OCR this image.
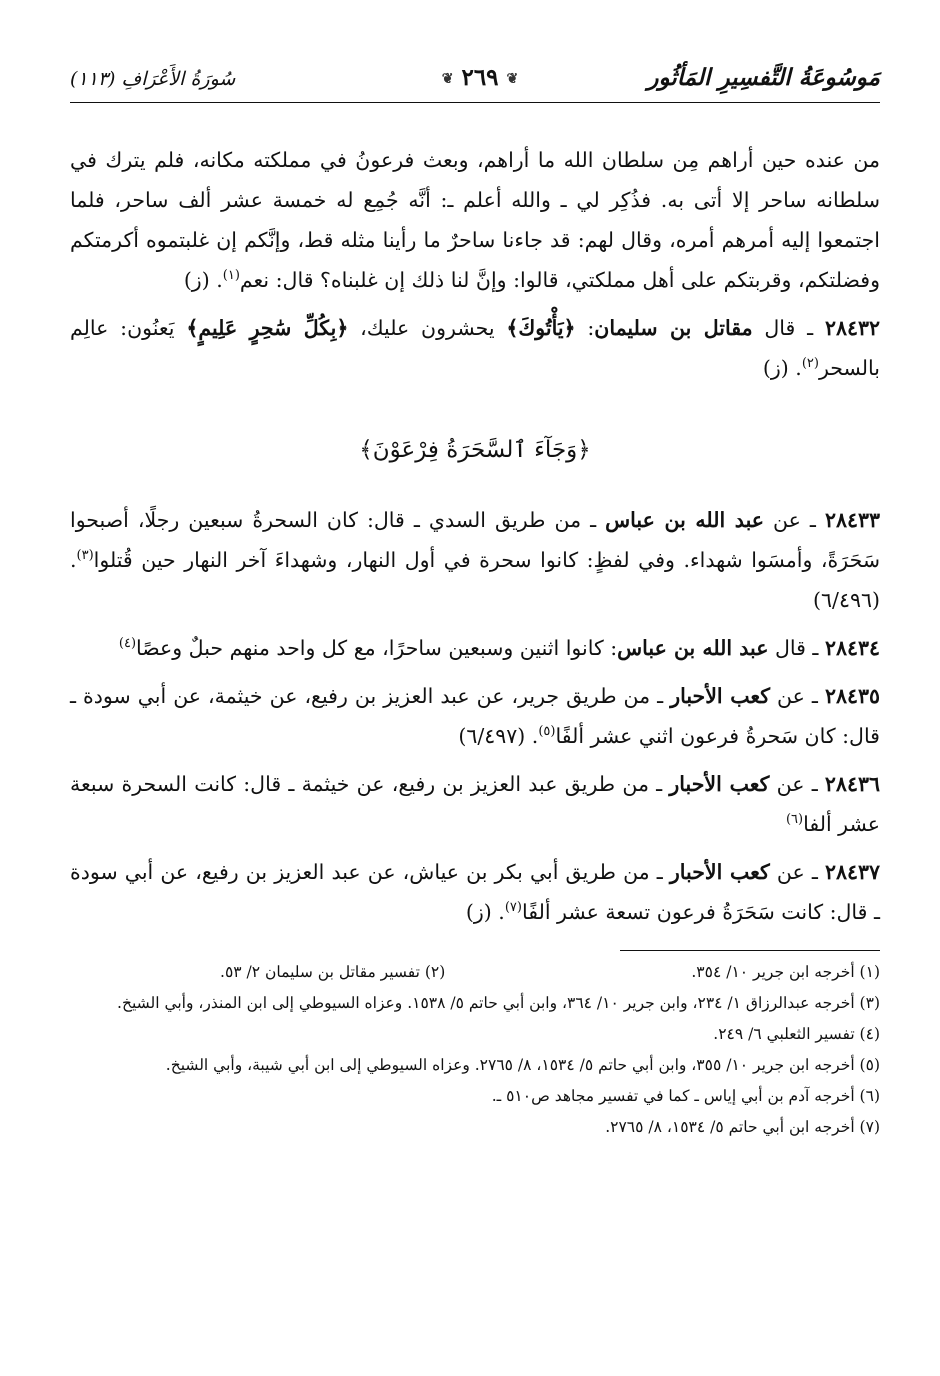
مَوسُوعَةُ التَّفسِيرِ المَأثُور
❦ ٢٦٩ ❦
سُورَةُ الأَعْرَافِ (١١٣)

من عنده حين أراهم مِن سلطان الله ما أراهم، وبعث فرعونُ في مملكته مكانه، فلم يترك في سلطانه ساحر إلا أتى به. فذُكِر لي ـ والله أعلم ـ: أنَّه جُمِع له خمسة عشر ألف ساحر، فلما اجتمعوا إليه أمرهم أمره، وقال لهم: قد جاءنا ساحرٌ ما رأينا مثله قط، وإنَّكم إن غلبتموه أكرمتكم وفضلتكم، وقربتكم على أهل مملكتي، قالوا: وإنَّ لنا ذلك إن غلبناه؟ قال: نعم$^{(١)}$. (ز)

٢٨٤٣٢ ـ قال مقاتل بن سليمان: ﴿يَأْتُوكَ﴾ يحشرون عليك، ﴿بِكُلِّ سَٰحِرٍ عَلِيمٍ﴾ يَعنُون: عالِم بالسحر$^{(٢)}$. (ز)

﴿وَجَآءَ ٱلسَّحَرَةُ فِرْعَوْنَ﴾

٢٨٤٣٣ ـ عن عبد الله بن عباس ـ من طريق السدي ـ قال: كان السحرةُ سبعين رجلًا، أصبحوا سَحَرَةً، وأمسَوا شهداء. وفي لفظٍ: كانوا سحرة في أول النهار، وشهداءَ آخر النهار حين قُتلوا$^{(٣)}$. (٦/٤٩٦)

٢٨٤٣٤ ـ قال عبد الله بن عباس: كانوا اثنين وسبعين ساحرًا، مع كل واحد منهم حبلٌ وعصًا$^{(٤)}$

٢٨٤٣٥ ـ عن كعب الأحبار ـ من طريق جرير، عن عبد العزيز بن رفيع، عن خيثمة، عن أبي سودة ـ قال: كان سَحرةُ فرعون اثني عشر ألفًا$^{(٥)}$. (٦/٤٩٧)

٢٨٤٣٦ ـ عن كعب الأحبار ـ من طريق عبد العزيز بن رفيع، عن خيثمة ـ قال: كانت السحرة سبعة عشر ألفا$^{(٦)}$

٢٨٤٣٧ ـ عن كعب الأحبار ـ من طريق أبي بكر بن عياش، عن عبد العزيز بن رفيع، عن أبي سودة ـ قال: كانت سَحَرَةُ فرعون تسعة عشر ألفًا$^{(٧)}$. (ز)

(١) أخرجه ابن جرير ١٠/ ٣٥٤.

(٢) تفسير مقاتل بن سليمان ٢/ ٥٣.

(٣) أخرجه عبدالرزاق ١/ ٢٣٤، وابن جرير ١٠/ ٣٦٤، وابن أبي حاتم ٥/ ١٥٣٨. وعزاه السيوطي إلى ابن المنذر، وأبي الشيخ.

(٤) تفسير الثعلبي ٦/ ٢٤٩.

(٥) أخرجه ابن جرير ١٠/ ٣٥٥، وابن أبي حاتم ٥/ ١٥٣٤، ٨/ ٢٧٦٥. وعزاه السيوطي إلى ابن أبي شيبة، وأبي الشيخ.

(٦) أخرجه آدم بن أبي إياس ـ كما في تفسير مجاهد ص٥١٠ ـ.

(٧) أخرجه ابن أبي حاتم ٥/ ١٥٣٤، ٨/ ٢٧٦٥.
